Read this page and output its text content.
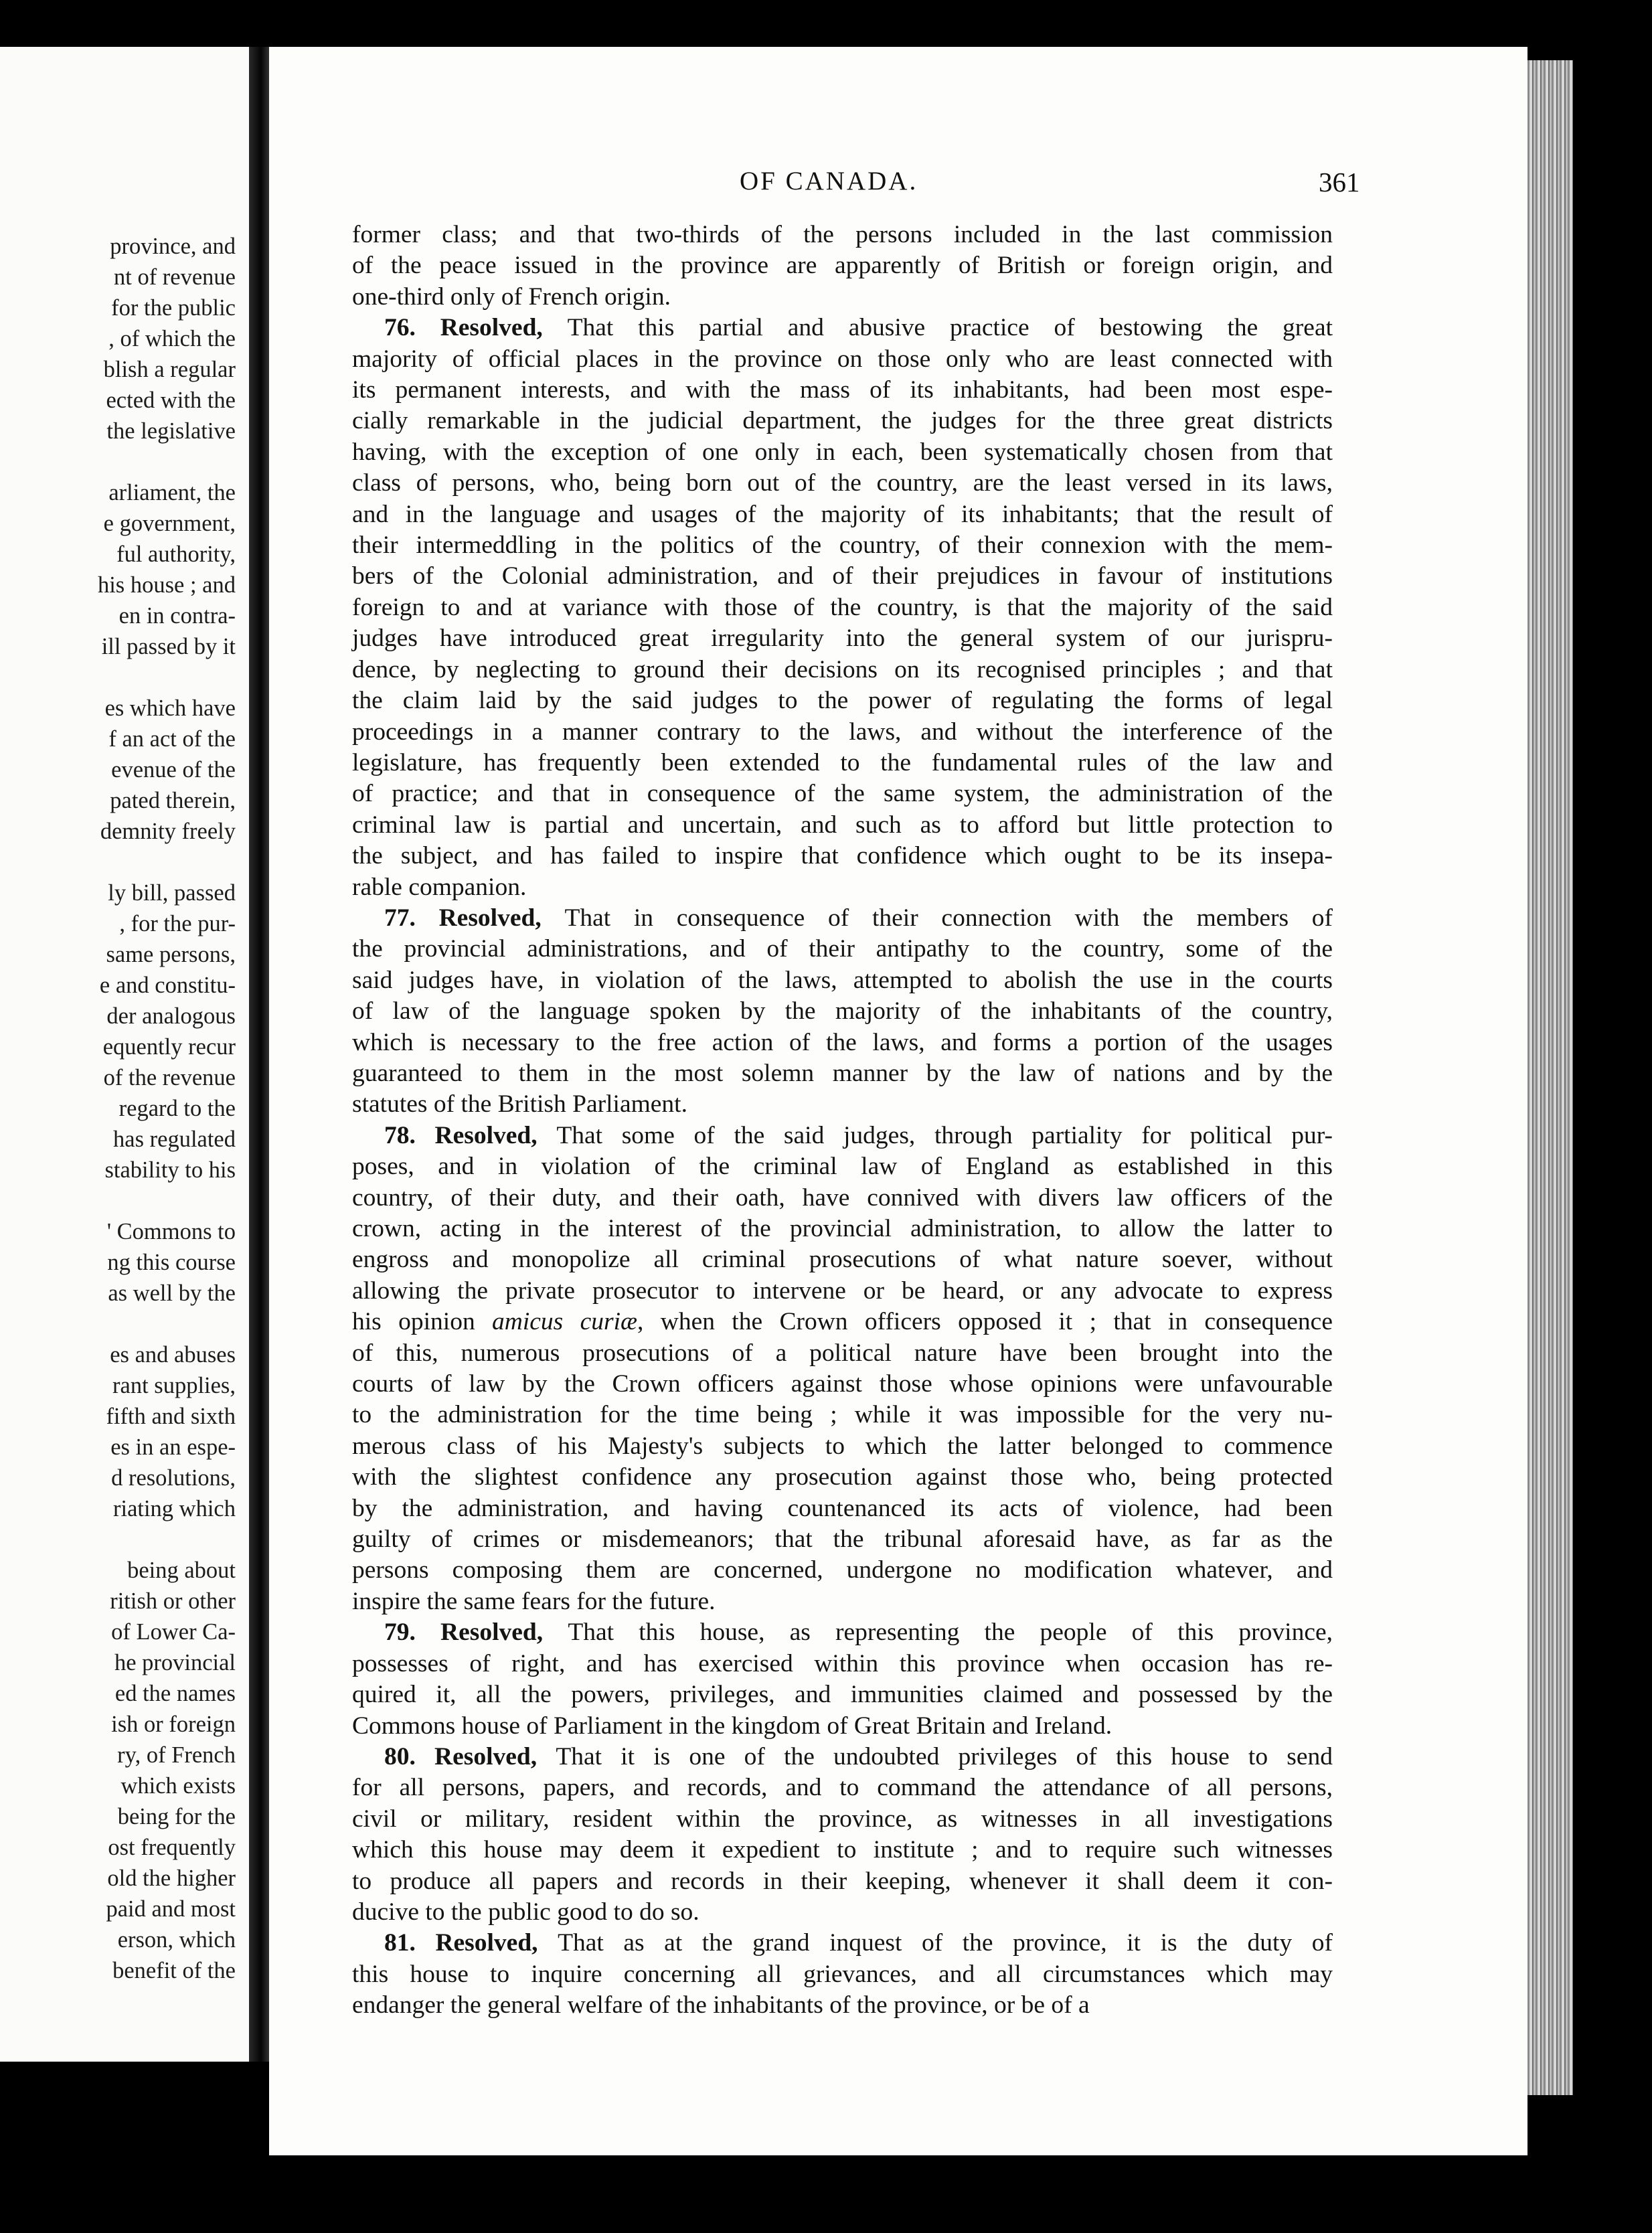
province, and
nt of revenue
for the public
, of which the
blish a regular
ected with the
the legislative
arliament, the
e government,
ful authority,
his house ; and
en in contra-
ill passed by it
es which have
f an act of the
evenue of the
pated therein,
demnity freely
ly bill, passed
, for the pur-
same persons,
e and constitu-
der analogous
equently recur
of the revenue
regard to the
has regulated
stability to his
' Commons to
ng this course
as well by the
es and abuses
rant supplies,
fifth and sixth
es in an espe-
d resolutions,
riating which
being about
ritish or other
of Lower Ca-
he provincial
ed the names
ish or foreign
ry, of French
which exists
being for the
ost frequently
old the higher
paid and most
erson, which
benefit of the
OF CANADA.	361
former class; and that two-thirds of the persons included in the last commission
of the peace issued in the province are apparently of British or foreign origin, and
one-third only of French origin.
76. Resolved, That this partial and abusive practice of bestowing the great
majority of official places in the province on those only who are least connected with
its permanent interests, and with the mass of its inhabitants, had been most espe-
cially remarkable in the judicial department, the judges for the three great districts
having, with the exception of one only in each, been systematically chosen from that
class of persons, who, being born out of the country, are the least versed in its laws,
and in the language and usages of the majority of its inhabitants; that the result of
their intermeddling in the politics of the country, of their connexion with the mem-
bers of the Colonial administration, and of their prejudices in favour of institutions
foreign to and at variance with those of the country, is that the majority of the said
judges have introduced great irregularity into the general system of our jurispru-
dence, by neglecting to ground their decisions on its recognised principles ; and that
the claim laid by the said judges to the power of regulating the forms of legal
proceedings in a manner contrary to the laws, and without the interference of the
legislature, has frequently been extended to the fundamental rules of the law and
of practice; and that in consequence of the same system, the administration of the
criminal law is partial and uncertain, and such as to afford but little protection to
the subject, and has failed to inspire that confidence which ought to be its insepa-
rable companion.
77. Resolved, That in consequence of their connection with the members of
the provincial administrations, and of their antipathy to the country, some of the
said judges have, in violation of the laws, attempted to abolish the use in the courts
of law of the language spoken by the majority of the inhabitants of the country,
which is necessary to the free action of the laws, and forms a portion of the usages
guaranteed to them in the most solemn manner by the law of nations and by the
statutes of the British Parliament.
78. Resolved, That some of the said judges, through partiality for political pur-
poses, and in violation of the criminal law of England as established in this
country, of their duty, and their oath, have connived with divers law officers of the
crown, acting in the interest of the provincial administration, to allow the latter to
engross and monopolize all criminal prosecutions of what nature soever, without
allowing the private prosecutor to intervene or be heard, or any advocate to express
his opinion amicus curiæ, when the Crown officers opposed it ; that in consequence
of this, numerous prosecutions of a political nature have been brought into the
courts of law by the Crown officers against those whose opinions were unfavourable
to the administration for the time being ; while it was impossible for the very nu-
merous class of his Majesty's subjects to which the latter belonged to commence
with the slightest confidence any prosecution against those who, being protected
by the administration, and having countenanced its acts of violence, had been
guilty of crimes or misdemeanors; that the tribunal aforesaid have, as far as the
persons composing them are concerned, undergone no modification whatever, and
inspire the same fears for the future.
79. Resolved, That this house, as representing the people of this province,
possesses of right, and has exercised within this province when occasion has re-
quired it, all the powers, privileges, and immunities claimed and possessed by the
Commons house of Parliament in the kingdom of Great Britain and Ireland.
80. Resolved, That it is one of the undoubted privileges of this house to send
for all persons, papers, and records, and to command the attendance of all persons,
civil or military, resident within the province, as witnesses in all investigations
which this house may deem it expedient to institute ; and to require such witnesses
to produce all papers and records in their keeping, whenever it shall deem it con-
ducive to the public good to do so.
81. Resolved, That as at the grand inquest of the province, it is the duty of
this house to inquire concerning all grievances, and all circumstances which may
endanger the general welfare of the inhabitants of the province, or be of a
